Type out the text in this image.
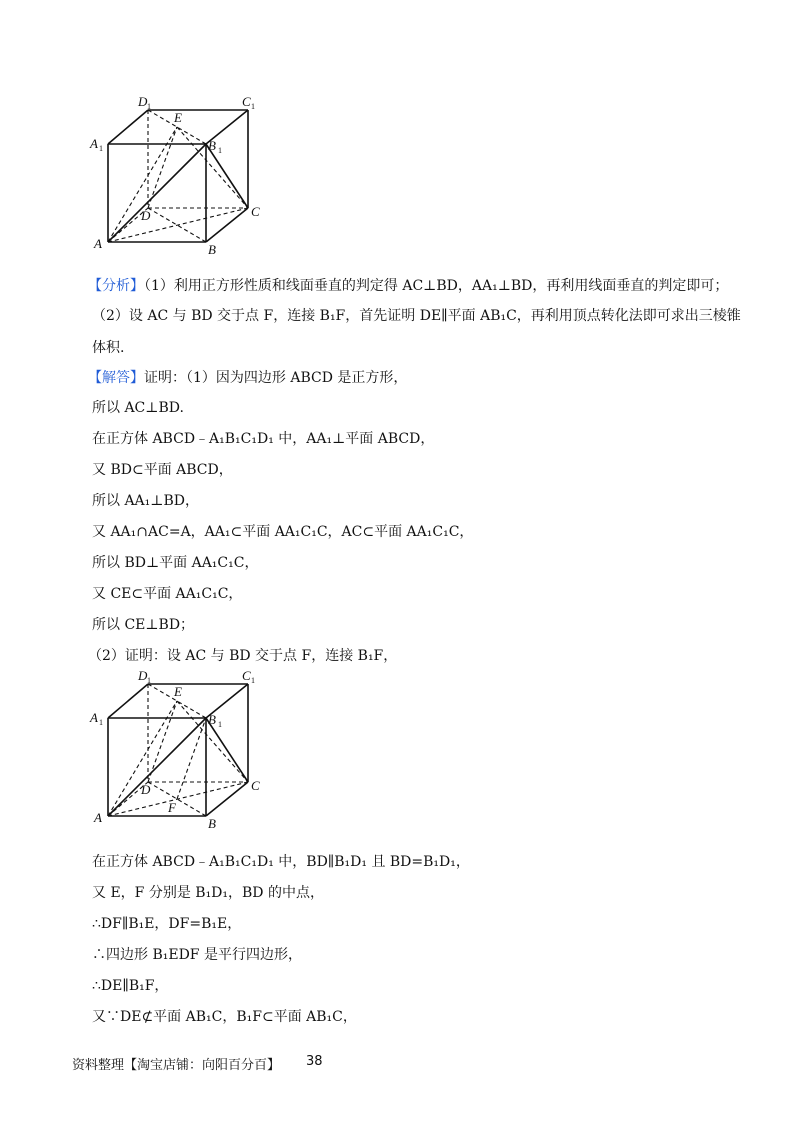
D 1	C 1
A 1
E
B 1
C
D
A	B
【分析】（1）利用正方形性质和线面垂直的判定得 AC⊥BD，AA₁⊥BD，再利用线面垂直的判定即可；
（2）设 AC 与 BD 交于点 F，连接 B₁F，首先证明 DE∥平面 AB₁C，再利用顶点转化法即可求出三棱锥
体积.
【解答】证明：（1）因为四边形 ABCD 是正方形，
所以 AC⊥BD.
在正方体 ABCD﹣A₁B₁C₁D₁ 中，AA₁⊥平面 ABCD，
又 BD⊂平面 ABCD，
所以 AA₁⊥BD，
又 AA₁∩AC=A，AA₁⊂平面 AA₁C₁C，AC⊂平面 AA₁C₁C，
所以 BD⊥平面 AA₁C₁C，
又 CE⊂平面 AA₁C₁C，
所以 CE⊥BD；
（2）证明：设 AC 与 BD 交于点 F，连接 B₁F，
D 1	C 1
A 1
E
B 1
C
D
F
A	B
在正方体 ABCD﹣A₁B₁C₁D₁ 中，BD∥B₁D₁ 且 BD=B₁D₁，
又 E，F 分别是 B₁D₁，BD 的中点，
∴DF∥B₁E，DF=B₁E，
∴四边形 B₁EDF 是平行四边形，
∴DE∥B₁F，
又∵DE⊄平面 AB₁C，B₁F⊂平面 AB₁C，
资料整理【淘宝店铺：向阳百分百】 38
